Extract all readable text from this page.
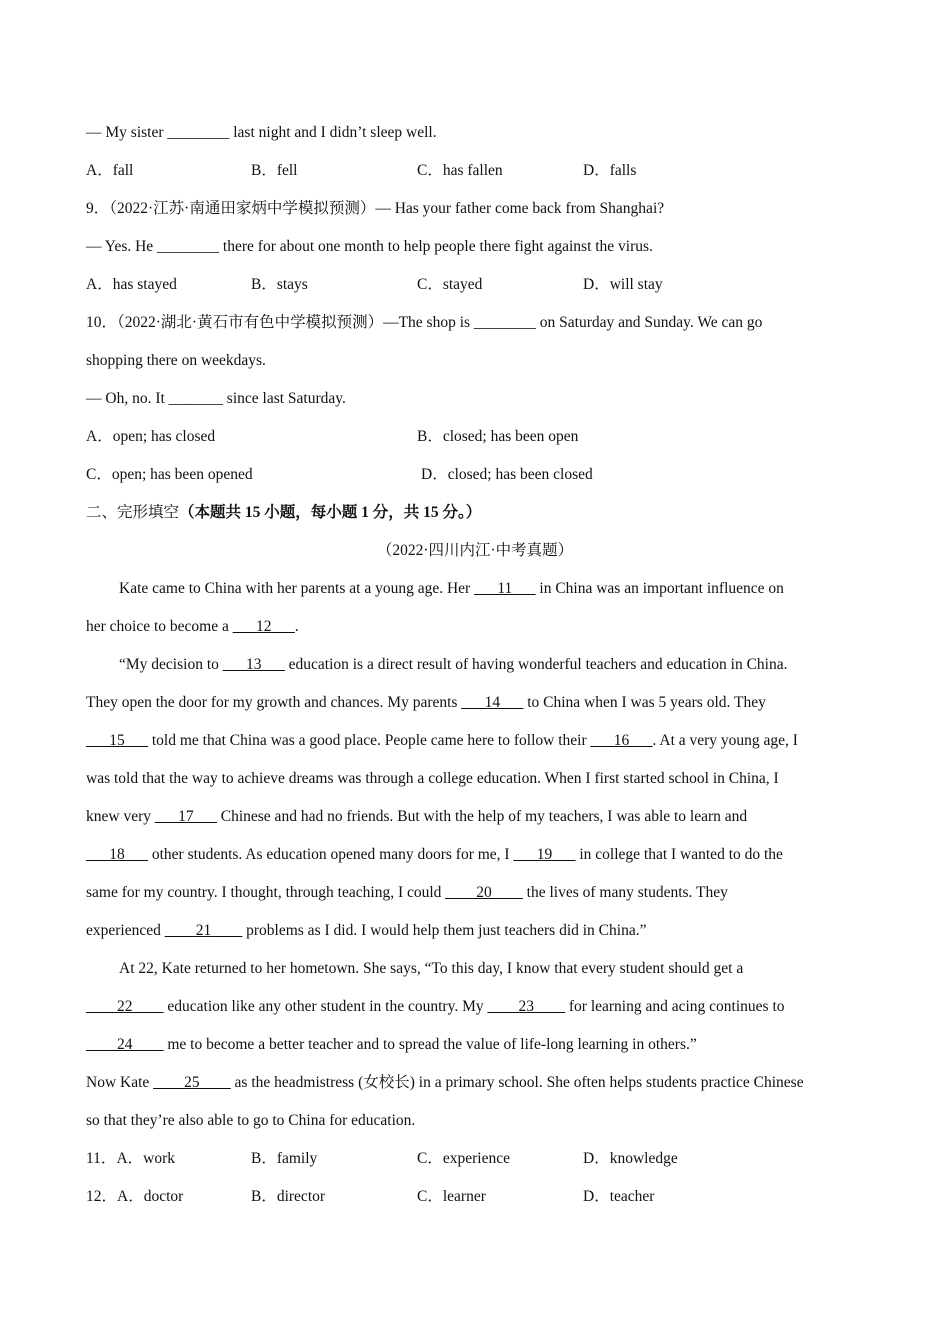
— My sister ________ last night and I didn’t sleep well.
A．fall	B．fell	C．has fallen	D．falls
9．（2022·江苏·南通田家炳中学模拟预测）— Has your father come back from Shanghai?
— Yes. He ________ there for about one month to help people there fight against the virus.
A．has stayed	B．stays	C．stayed	D．will stay
10．（2022·湖北·黄石市有色中学模拟预测）—The shop is ________ on Saturday and Sunday. We can go
shopping there on weekdays.
— Oh, no. It _______ since last Saturday.
A．open; has closed	B．closed; has been open
C．open; has been opened	D．closed; has been closed
二、完形填空（本题共 15 小题，每小题 1 分，共 15 分。）
（2022·四川内江·中考真题）
Kate came to China with her parents at a young age. Her ___11___ in China was an important influence on
her choice to become a ___12___.
“My decision to ___13___ education is a direct result of having wonderful teachers and education in China.
They open the door for my growth and chances. My parents ___14___ to China when I was 5 years old. They
___15___ told me that China was a good place. People came here to follow their ___16___. At a very young age, I
was told that the way to achieve dreams was through a college education. When I first started school in China, I
knew very ___17___ Chinese and had no friends. But with the help of my teachers, I was able to learn and
___18___ other students. As education opened many doors for me, I ___19___ in college that I wanted to do the
same for my country. I thought, through teaching, I could ____20____ the lives of many students. They
experienced ____21____ problems as I did. I would help them just teachers did in China.”
At 22, Kate returned to her hometown. She says, “To this day, I know that every student should get a
____22____ education like any other student in the country. My ____23____ for learning and acing continues to
____24____ me to become a better teacher and to spread the value of life-long learning in others.”
Now Kate ____25____ as the headmistress (女校长) in a primary school. She often helps students practice Chinese
so that they’re also able to go to China for education.
11．A．work	B．family	C．experience	D．knowledge
12．A．doctor	B．director	C．learner	D．teacher
